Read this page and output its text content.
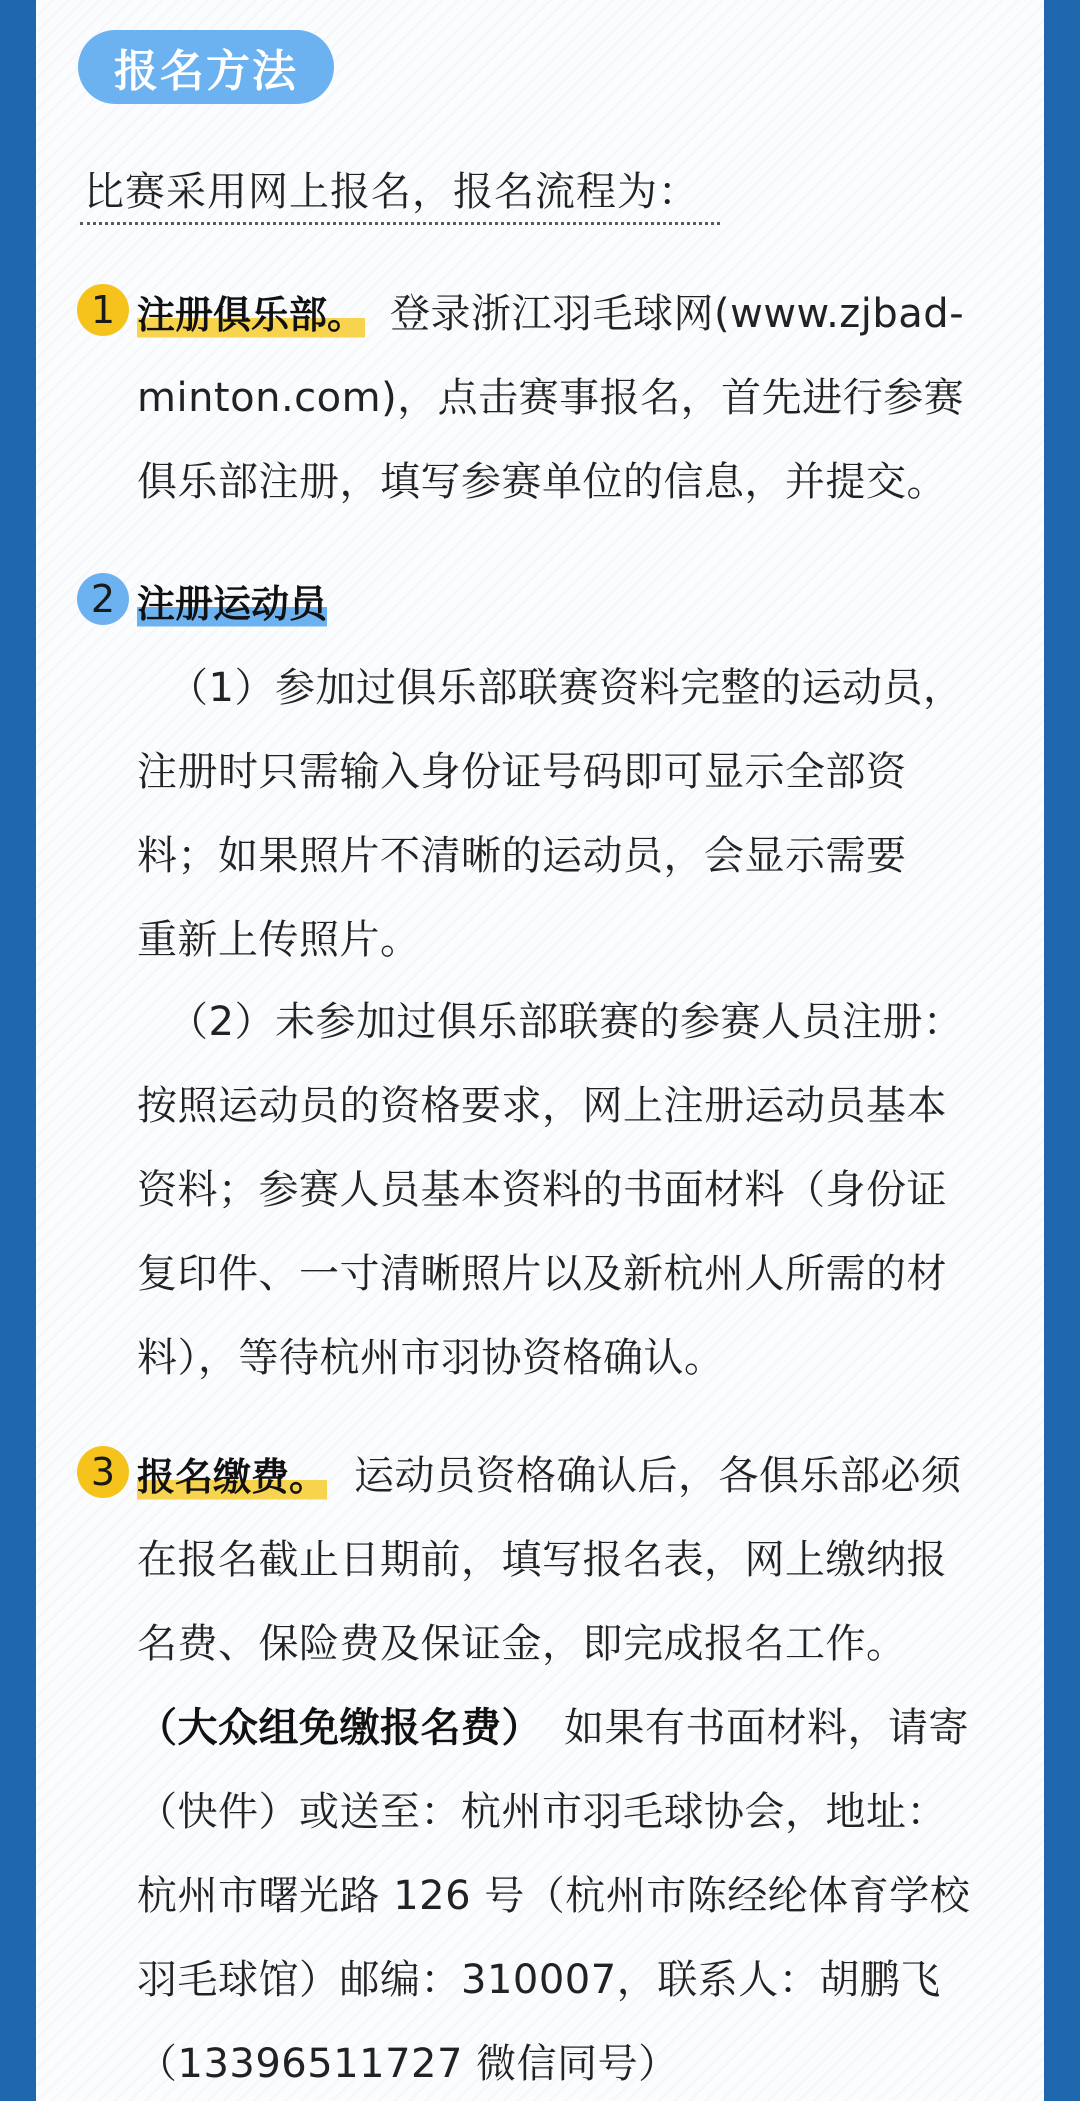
报名方法
比赛采用网上报名，报名流程为：
1 注册俱乐部。 登录浙江羽毛球网(www.zjbad-
minton.com)，点击赛事报名，首先进行参赛
俱乐部注册，填写参赛单位的信息，并提交。
2 注册运动员
（1）参加过俱乐部联赛资料完整的运动员，
注册时只需输入身份证号码即可显示全部资
料；如果照片不清晰的运动员，会显示需要
重新上传照片。
（2）未参加过俱乐部联赛的参赛人员注册：
按照运动员的资格要求，网上注册运动员基本
资料；参赛人员基本资料的书面材料（身份证
复印件、一寸清晰照片以及新杭州人所需的材
料），等待杭州市羽协资格确认。
3 报名缴费。 运动员资格确认后，各俱乐部必须
在报名截止日期前，填写报名表，网上缴纳报
名费、保险费及保证金，即完成报名工作。
（大众组免缴报名费） 如果有书面材料，请寄
（快件）或送至：杭州市羽毛球协会，地址：
杭州市曙光路 126 号（杭州市陈经纶体育学校
羽毛球馆）邮编：310007，联系人：胡鹏飞
（13396511727 微信同号）
